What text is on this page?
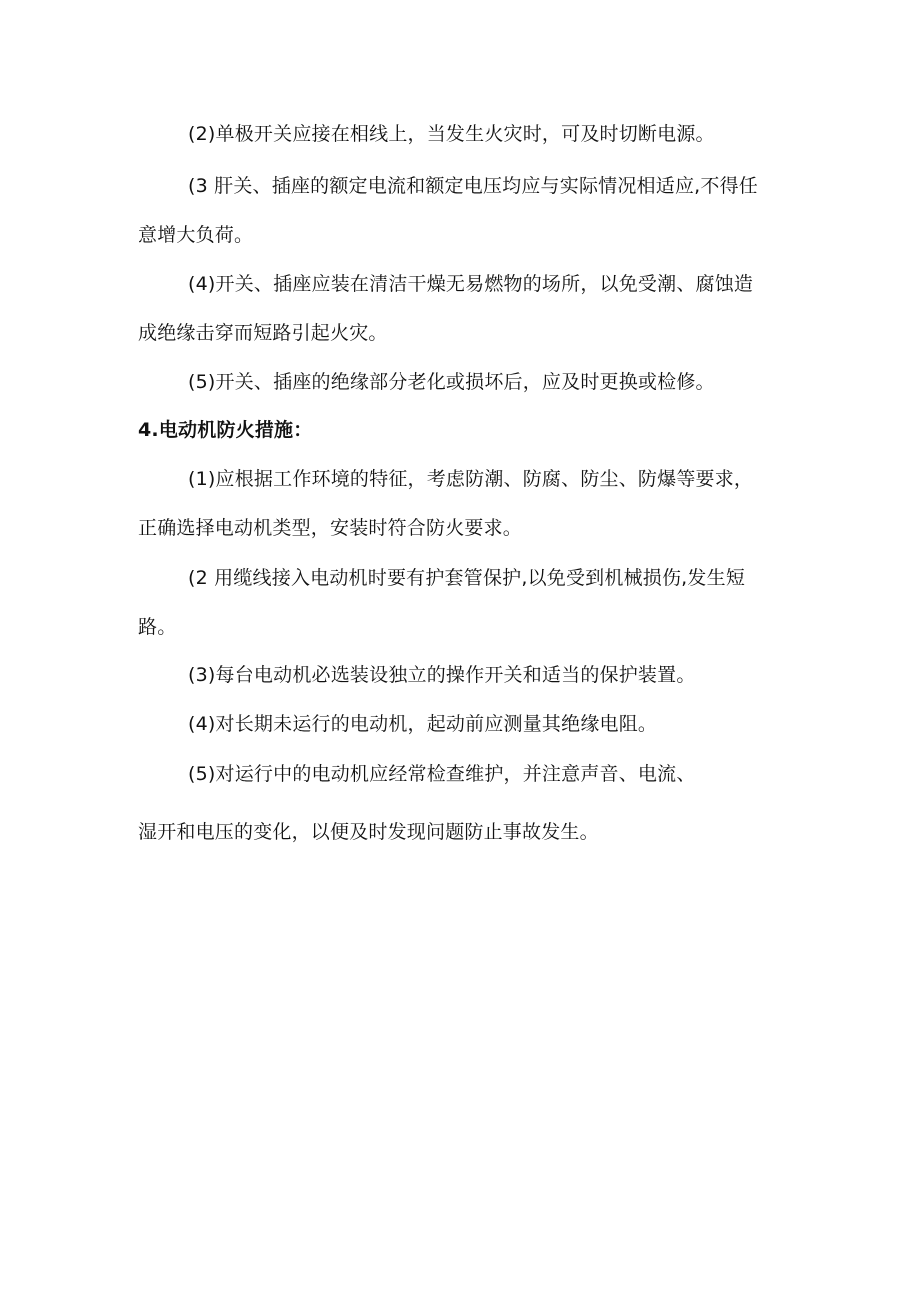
(2)单极开关应接在相线上，当发生火灾时，可及时切断电源。
(3 肝关、插座的额定电流和额定电压均应与实际情况相适应,不得任
意增大负荷。
(4)开关、插座应装在清洁干燥无易燃物的场所，以免受潮、腐蚀造
成绝缘击穿而短路引起火灾。
(5)开关、插座的绝缘部分老化或损坏后，应及时更换或检修。
4.电动机防火措施：
(1)应根据工作环境的特征，考虑防潮、防腐、防尘、防爆等要求，
正确选择电动机类型，安装时符合防火要求。
(2 用缆线接入电动机时要有护套管保护,以免受到机械损伤,发生短
路。
(3)每台电动机必选装设独立的操作开关和适当的保护装置。
(4)对长期未运行的电动机，起动前应测量其绝缘电阻。
(5)对运行中的电动机应经常检查维护，并注意声音、电流、
湿开和电压的变化，以便及时发现问题防止事故发生。
